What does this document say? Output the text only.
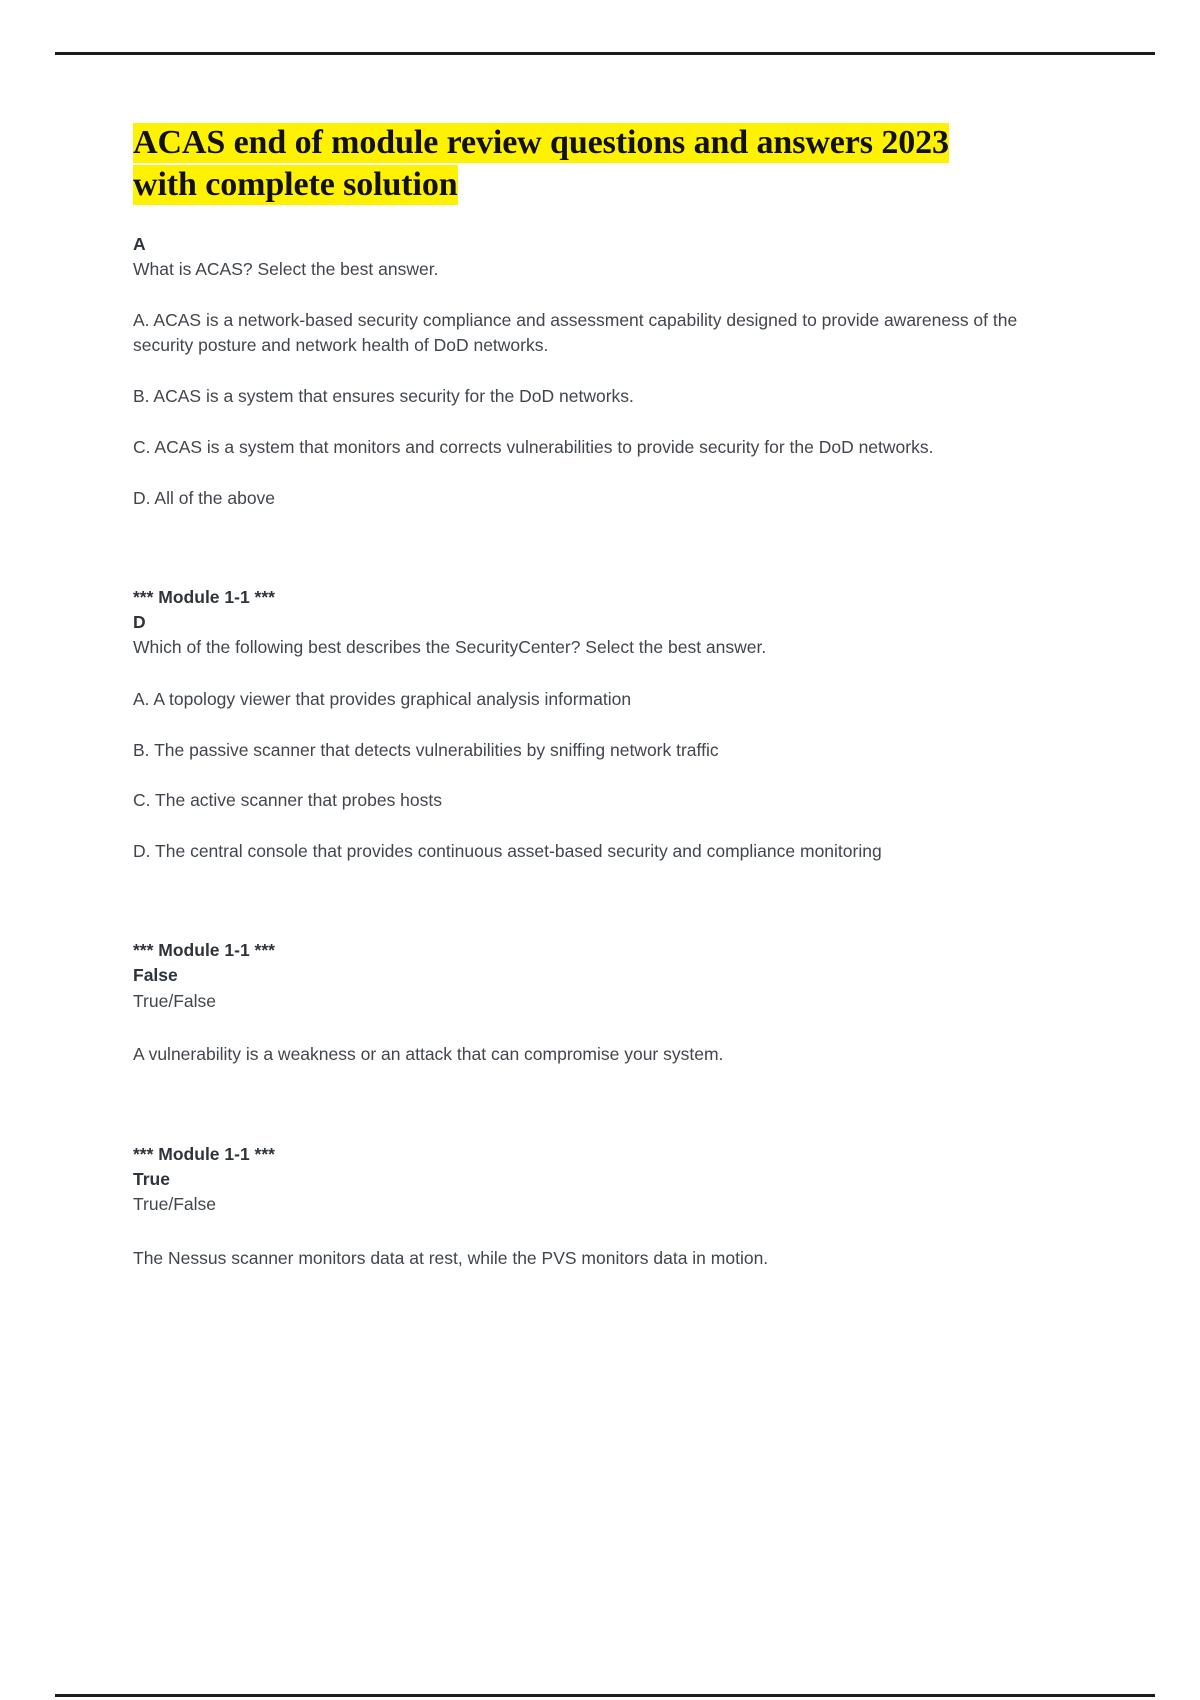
ACAS end of module review questions and answers 2023
with complete solution

A

What is ACAS? Select the best answer.

A. ACAS is a network-based security compliance and assessment capability designed to provide awareness of the security posture and network health of DoD networks.

B. ACAS is a system that ensures security for the DoD networks.

C. ACAS is a system that monitors and corrects vulnerabilities to provide security for the DoD networks.

D. All of the above

*** Module 1-1 ***

D

Which of the following best describes the SecurityCenter? Select the best answer.

A. A topology viewer that provides graphical analysis information

B. The passive scanner that detects vulnerabilities by sniffing network traffic

C. The active scanner that probes hosts

D. The central console that provides continuous asset-based security and compliance monitoring

*** Module 1-1 ***

False

True/False

A vulnerability is a weakness or an attack that can compromise your system.

*** Module 1-1 ***

True

True/False

The Nessus scanner monitors data at rest, while the PVS monitors data in motion.
